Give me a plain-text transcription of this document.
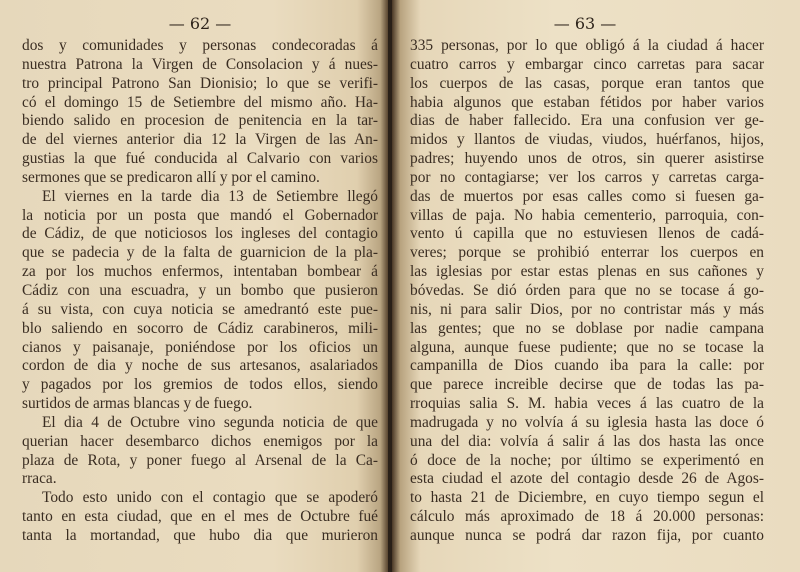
— 62 —
dos y comunidades y personas condecoradas á
nuestra Patrona la Virgen de Consolacion y á nues-
tro principal Patrono San Dionisio; lo que se verifi-
có el domingo 15 de Setiembre del mismo año. Ha-
biendo salido en procesion de penitencia en la tar-
de del viernes anterior dia 12 la Virgen de las An-
gustias la que fué conducida al Calvario con varios
sermones que se predicaron allí y por el camino.
El viernes en la tarde dia 13 de Setiembre llegó
la noticia por un posta que mandó el Gobernador
de Cádiz, de que noticiosos los ingleses del contagio
que se padecia y de la falta de guarnicion de la pla-
za por los muchos enfermos, intentaban bombear á
Cádiz con una escuadra, y un bombo que pusieron
á su vista, con cuya noticia se amedrantó este pue-
blo saliendo en socorro de Cádiz carabineros, mili-
cianos y paisanaje, poniéndose por los oficios un
cordon de dia y noche de sus artesanos, asalariados
y pagados por los gremios de todos ellos, siendo
surtidos de armas blancas y de fuego.
El dia 4 de Octubre vino segunda noticia de que
querian hacer desembarco dichos enemigos por la
plaza de Rota, y poner fuego al Arsenal de la Ca-
rraca.
Todo esto unido con el contagio que se apoderó
tanto en esta ciudad, que en el mes de Octubre fué
tanta la mortandad, que hubo dia que murieron
— 63 —
335 personas, por lo que obligó á la ciudad á hacer
cuatro carros y embargar cinco carretas para sacar
los cuerpos de las casas, porque eran tantos que
habia algunos que estaban fétidos por haber varios
dias de haber fallecido. Era una confusion ver ge-
midos y llantos de viudas, viudos, huérfanos, hijos,
padres; huyendo unos de otros, sin querer asistirse
por no contagiarse; ver los carros y carretas carga-
das de muertos por esas calles como si fuesen ga-
villas de paja. No habia cementerio, parroquia, con-
vento ú capilla que no estuviesen llenos de cadá-
veres; porque se prohibió enterrar los cuerpos en
las iglesias por estar estas plenas en sus cañones y
bóvedas. Se dió órden para que no se tocase á go-
nis, ni para salir Dios, por no contristar más y más
las gentes; que no se doblase por nadie campana
alguna, aunque fuese pudiente; que no se tocase la
campanilla de Dios cuando iba para la calle: por
que parece increible decirse que de todas las pa-
rroquias salia S. M. habia veces á las cuatro de la
madrugada y no volvía á su iglesia hasta las doce ó
una del dia: volvía á salir á las dos hasta las once
ó doce de la noche; por último se experimentó en
esta ciudad el azote del contagio desde 26 de Agos-
to hasta 21 de Diciembre, en cuyo tiempo segun el
cálculo más aproximado de 18 á 20.000 personas:
aunque nunca se podrá dar razon fija, por cuanto
